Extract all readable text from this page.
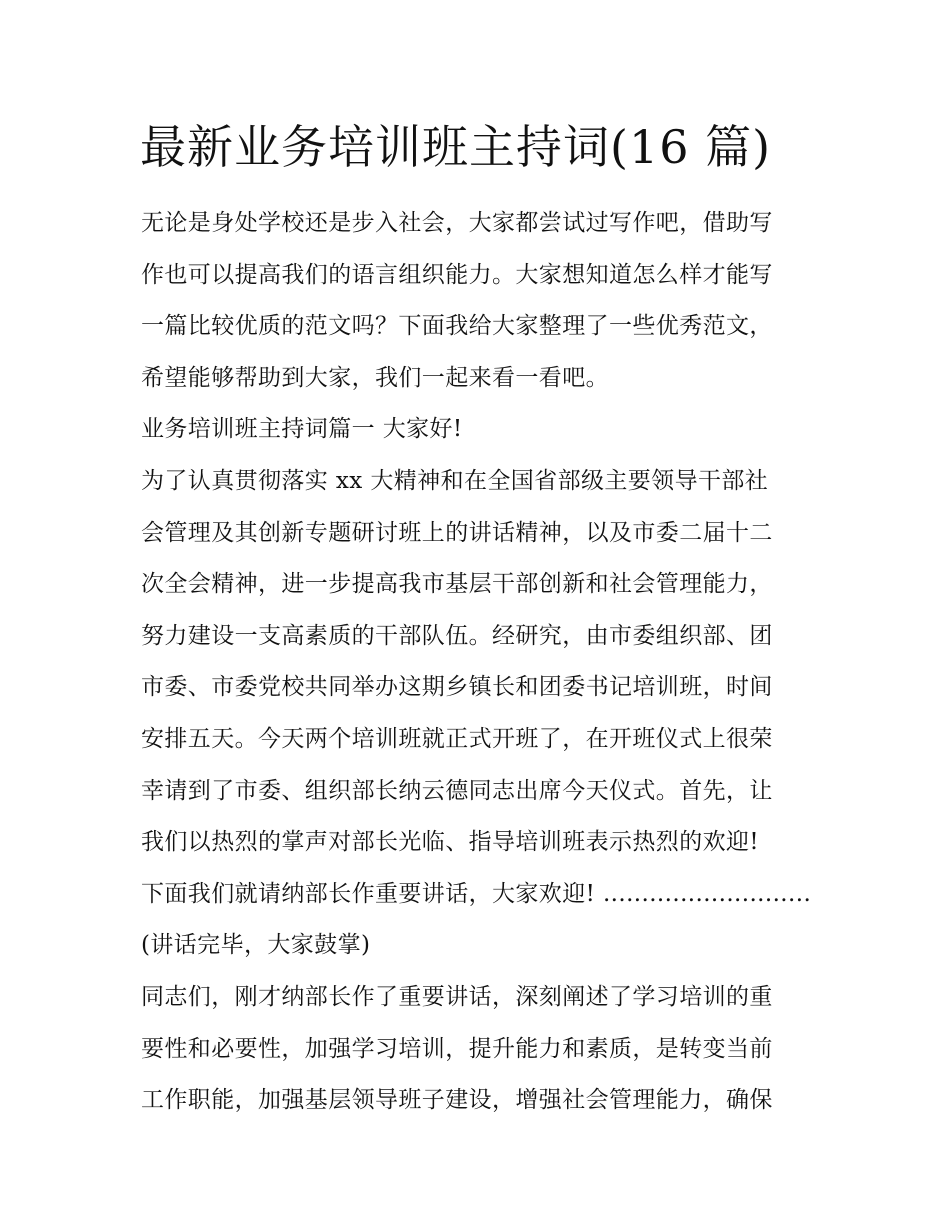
最新业务培训班主持词(16 篇)
无论是身处学校还是步入社会，大家都尝试过写作吧，借助写
作也可以提高我们的语言组织能力。大家想知道怎么样才能写
一篇比较优质的范文吗？下面我给大家整理了一些优秀范文，
希望能够帮助到大家，我们一起来看一看吧。
业务培训班主持词篇一 大家好!
为了认真贯彻落实 xx 大精神和在全国省部级主要领导干部社
会管理及其创新专题研讨班上的讲话精神，以及市委二届十二
次全会精神，进一步提高我市基层干部创新和社会管理能力，
努力建设一支高素质的干部队伍。经研究，由市委组织部、团
市委、市委党校共同举办这期乡镇长和团委书记培训班，时间
安排五天。今天两个培训班就正式开班了，在开班仪式上很荣
幸请到了市委、组织部长纳云德同志出席今天仪式。首先，让
我们以热烈的掌声对部长光临、指导培训班表示热烈的欢迎!
下面我们就请纳部长作重要讲话，大家欢迎! ...........................
(讲话完毕，大家鼓掌)
同志们，刚才纳部长作了重要讲话，深刻阐述了学习培训的重
要性和必要性，加强学习培训，提升能力和素质，是转变当前
工作职能，加强基层领导班子建设，增强社会管理能力，确保
